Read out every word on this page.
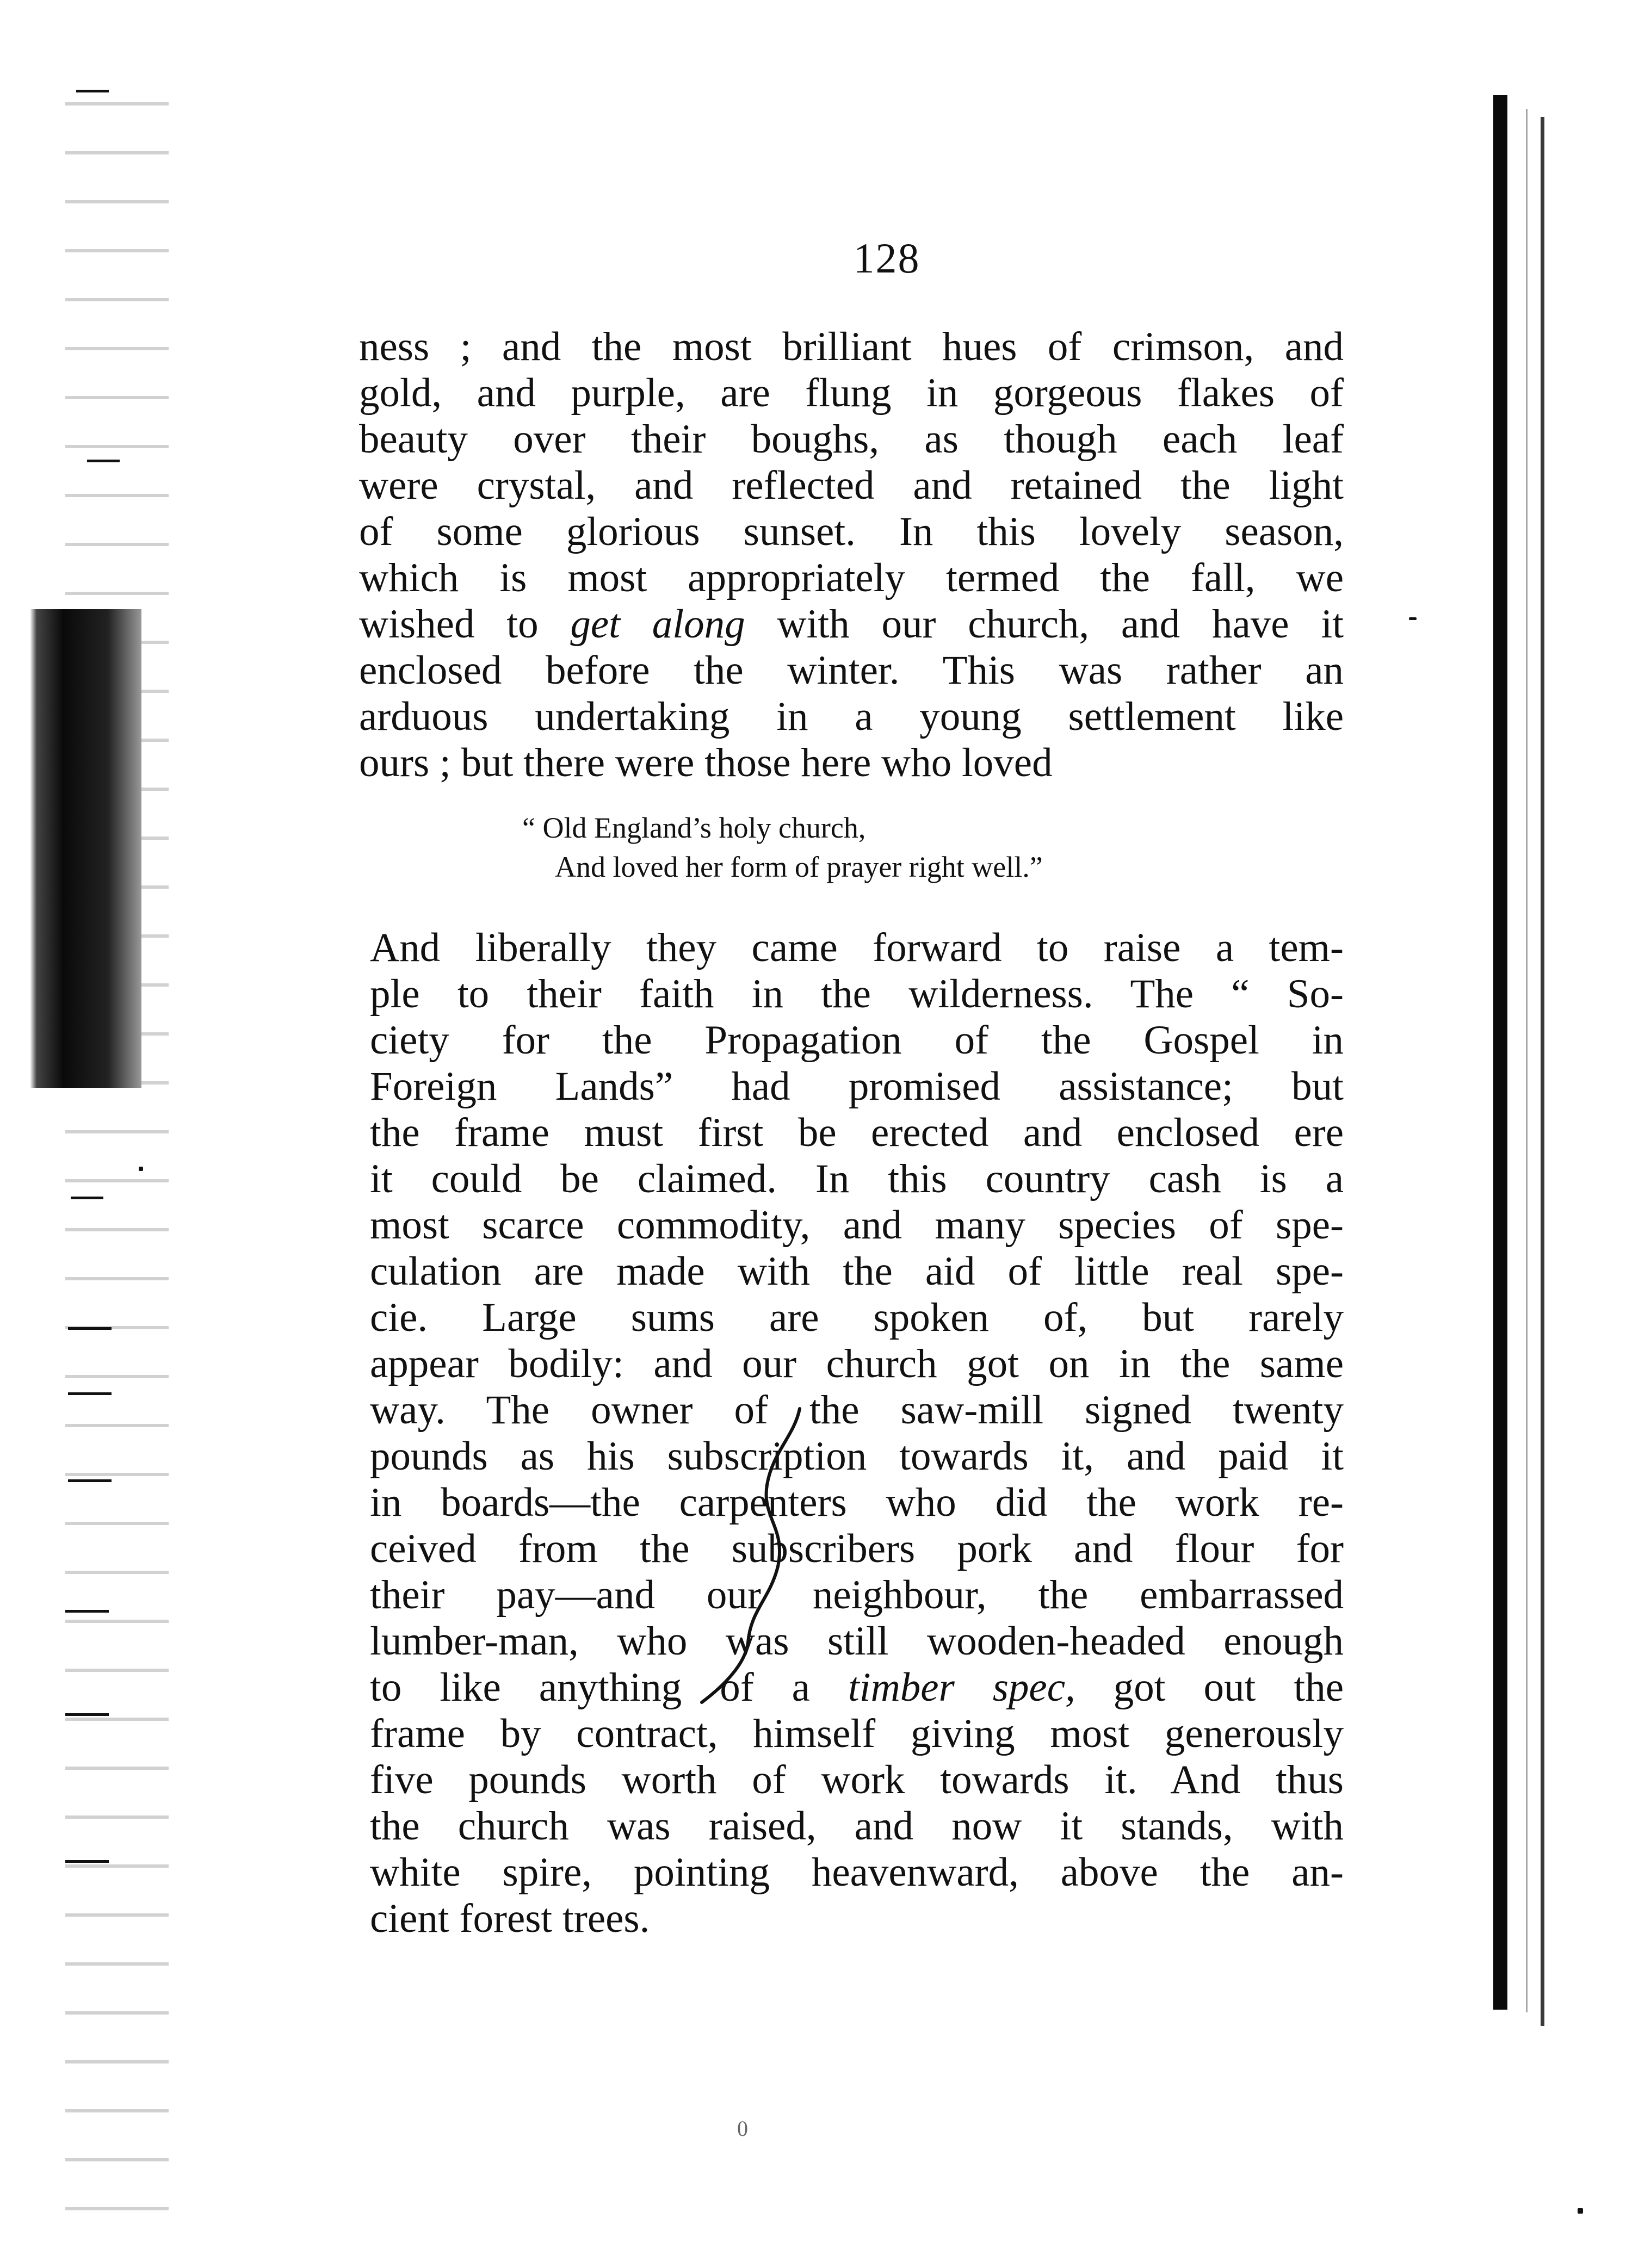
128
ness ; and the most brilliant hues of crimson, and
gold, and purple, are flung in gorgeous flakes of
beauty over their boughs, as though each leaf
were crystal, and reflected and retained the light
of some glorious sunset. In this lovely season,
which is most appropriately termed the fall, we
wished to get along with our church, and have it
enclosed before the winter. This was rather an
arduous undertaking in a young settlement like
ours ; but there were those here who loved
“ Old England’s holy church,
And loved her form of prayer right well.”
And liberally they came forward to raise a tem-
ple to their faith in the wilderness. The “ So-
ciety for the Propagation of the Gospel in
Foreign Lands” had promised assistance; but
the frame must first be erected and enclosed ere
it could be claimed. In this country cash is a
most scarce commodity, and many species of spe-
culation are made with the aid of little real spe-
cie. Large sums are spoken of, but rarely
appear bodily: and our church got on in the same
way. The owner of the saw-mill signed twenty
pounds as his subscription towards it, and paid it
in boards—the carpenters who did the work re-
ceived from the subscribers pork and flour for
their pay—and our neighbour, the embarrassed
lumber-man, who was still wooden-headed enough
to like anything of a timber spec, got out the
frame by contract, himself giving most generously
five pounds worth of work towards it. And thus
the church was raised, and now it stands, with
white spire, pointing heavenward, above the an-
cient forest trees.
0
